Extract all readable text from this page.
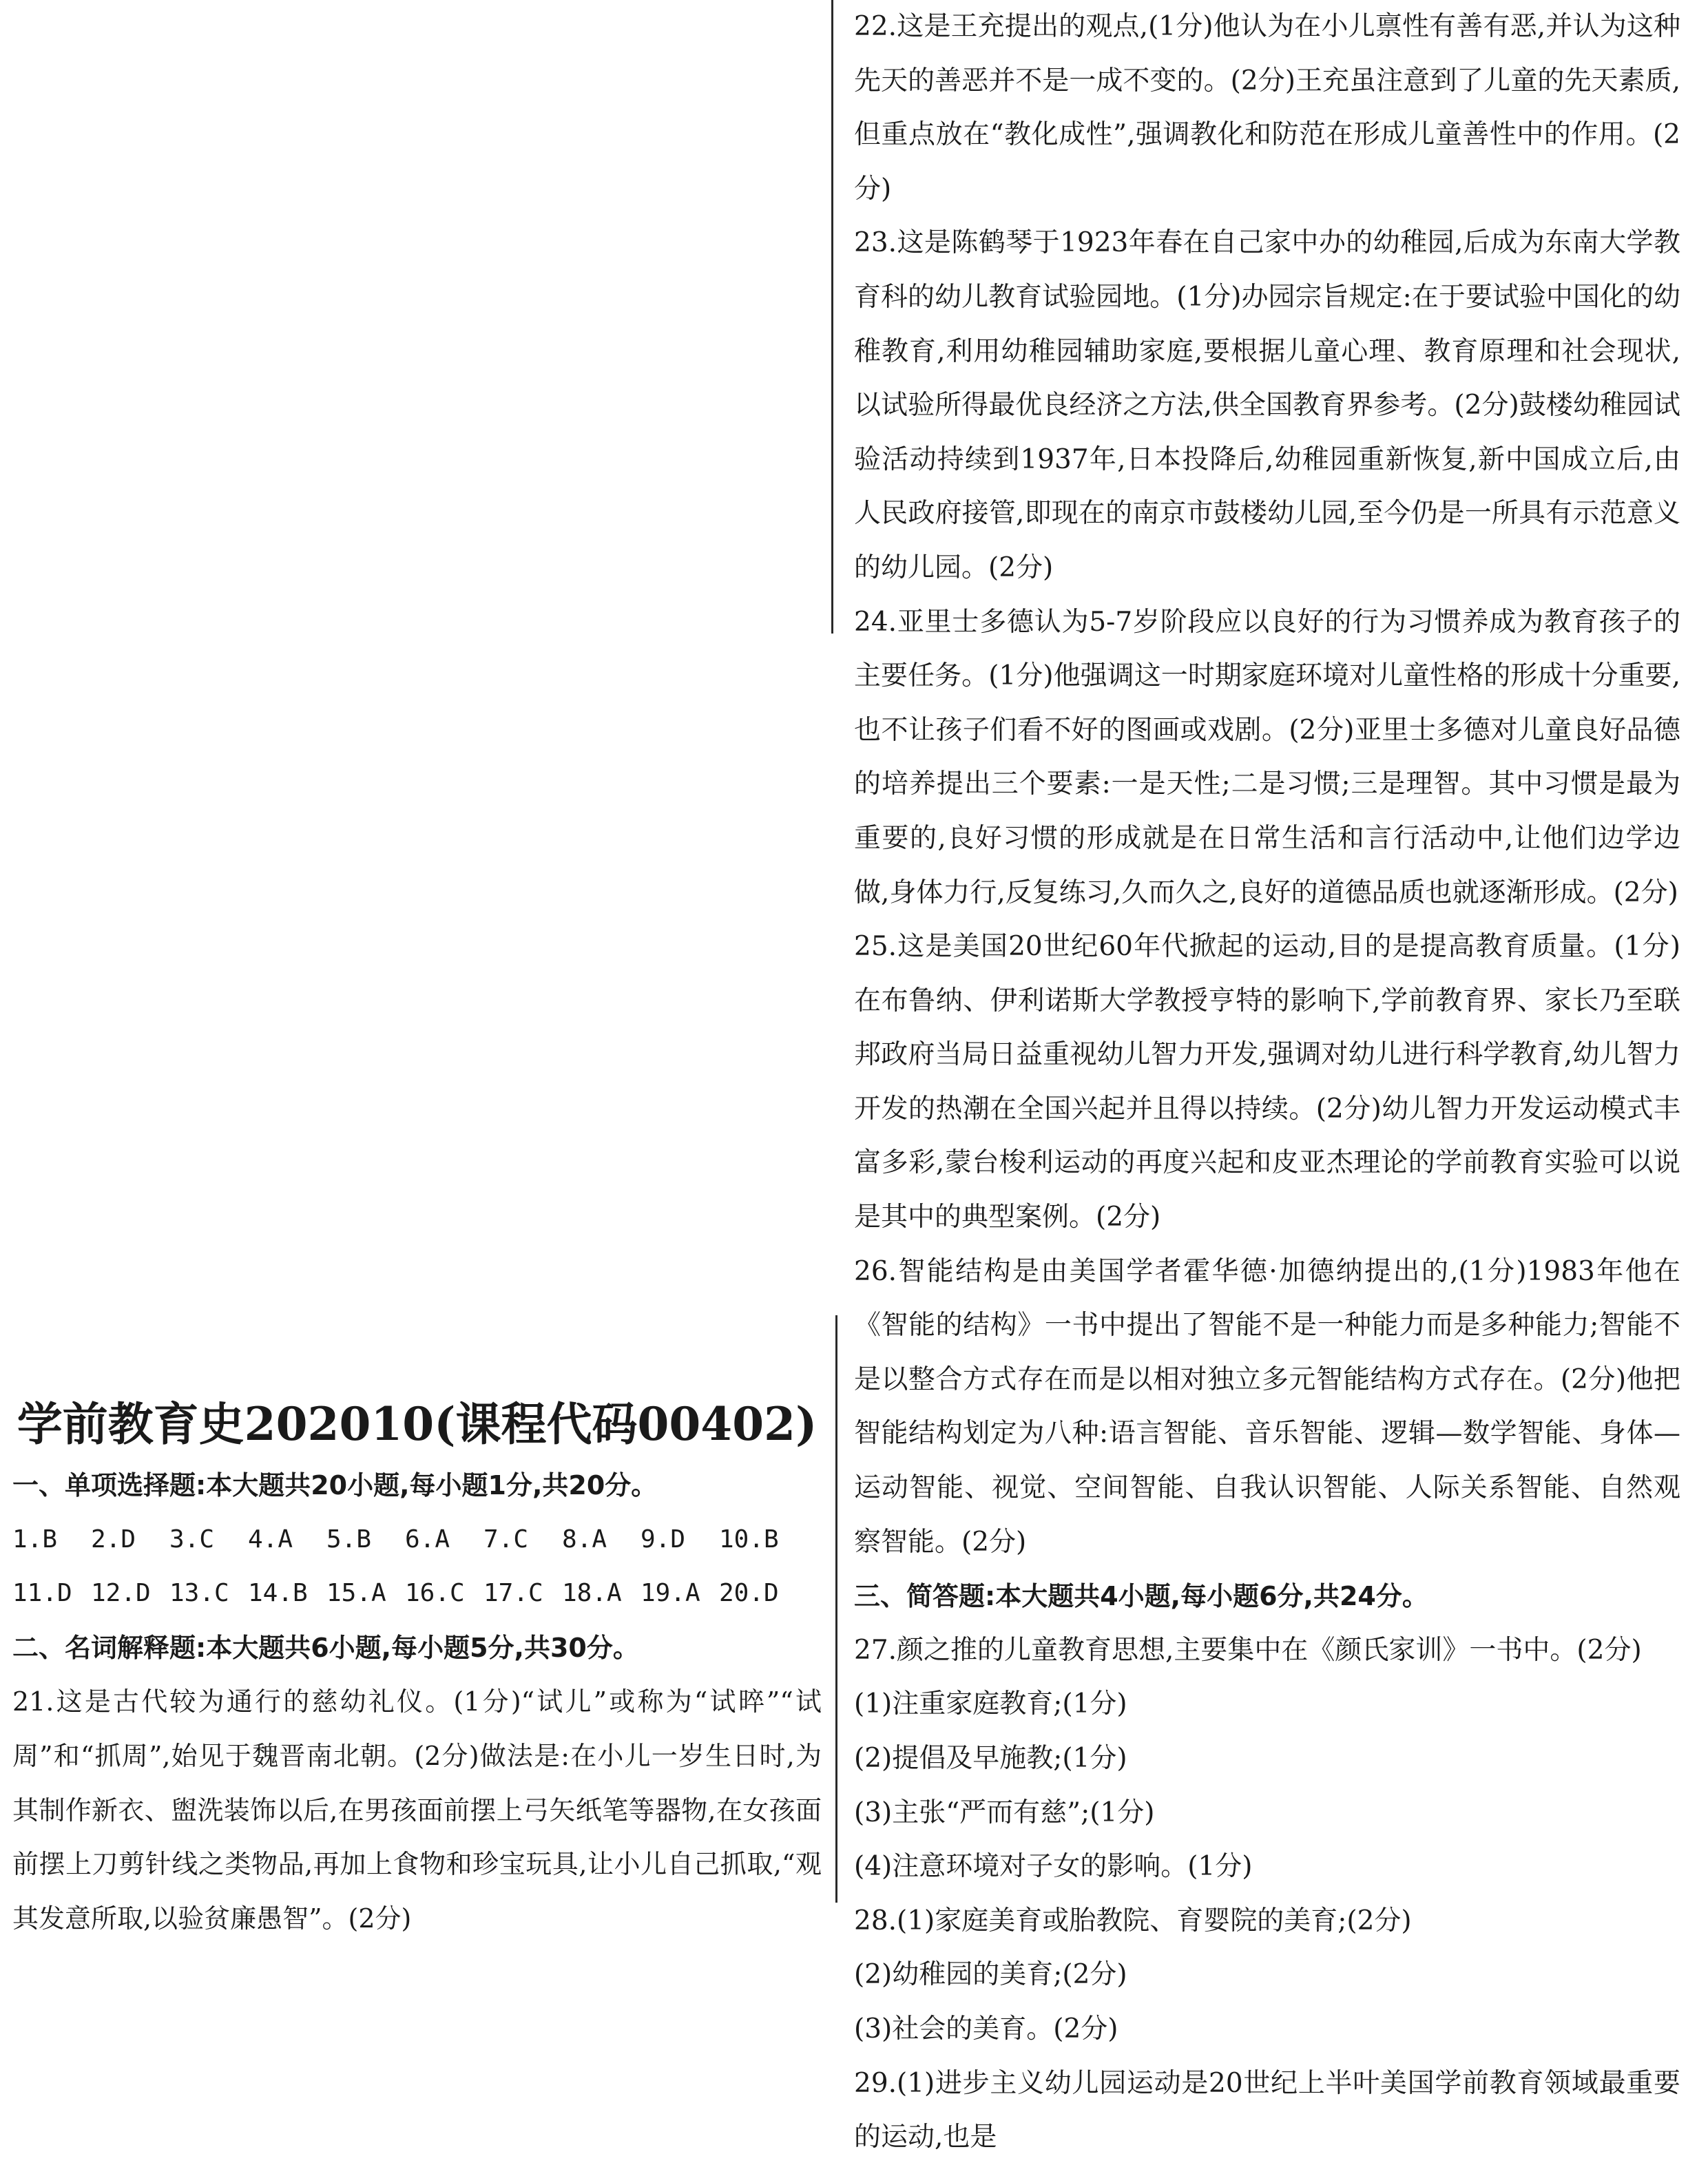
22.这是王充提出的观点,(1分)他认为在小儿禀性有善有恶,并认为这种先天的善恶并不是一成不变的。(2分)王充虽注意到了儿童的先天素质,但重点放在“教化成性”,强调教化和防范在形成儿童善性中的作用。(2分)

23.这是陈鹤琴于1923年春在自己家中办的幼稚园,后成为东南大学教育科的幼儿教育试验园地。(1分)办园宗旨规定:在于要试验中国化的幼稚教育,利用幼稚园辅助家庭,要根据儿童心理、教育原理和社会现状,以试验所得最优良经济之方法,供全国教育界参考。(2分)鼓楼幼稚园试验活动持续到1937年,日本投降后,幼稚园重新恢复,新中国成立后,由人民政府接管,即现在的南京市鼓楼幼儿园,至今仍是一所具有示范意义的幼儿园。(2分)

24.亚里士多德认为5-7岁阶段应以良好的行为习惯养成为教育孩子的主要任务。(1分)他强调这一时期家庭环境对儿童性格的形成十分重要,也不让孩子们看不好的图画或戏剧。(2分)亚里士多德对儿童良好品德的培养提出三个要素:一是天性;二是习惯;三是理智。其中习惯是最为重要的,良好习惯的形成就是在日常生活和言行活动中,让他们边学边做,身体力行,反复练习,久而久之,良好的道德品质也就逐渐形成。(2分)

25.这是美国20世纪60年代掀起的运动,目的是提高教育质量。(1分)在布鲁纳、伊利诺斯大学教授亨特的影响下,学前教育界、家长乃至联邦政府当局日益重视幼儿智力开发,强调对幼儿进行科学教育,幼儿智力开发的热潮在全国兴起并且得以持续。(2分)幼儿智力开发运动模式丰富多彩,蒙台梭利运动的再度兴起和皮亚杰理论的学前教育实验可以说是其中的典型案例。(2分)

26.智能结构是由美国学者霍华德·加德纳提出的,(1分)1983年他在《智能的结构》一书中提出了智能不是一种能力而是多种能力;智能不是以整合方式存在而是以相对独立多元智能结构方式存在。(2分)他把智能结构划定为八种:语言智能、音乐智能、逻辑—数学智能、身体—运动智能、视觉、空间智能、自我认识智能、人际关系智能、自然观察智能。(2分)

三、简答题:本大题共4小题,每小题6分,共24分。

27.颜之推的儿童教育思想,主要集中在《颜氏家训》一书中。(2分)

(1)注重家庭教育;(1分)

(2)提倡及早施教;(1分)

(3)主张“严而有慈”;(1分)

(4)注意环境对子女的影响。(1分)

28.(1)家庭美育或胎教院、育婴院的美育;(2分)

(2)幼稚园的美育;(2分)

(3)社会的美育。(2分)

29.(1)进步主义幼儿园运动是20世纪上半叶美国学前教育领域最重要的运动,也是

学前教育史202010(课程代码00402)

一、单项选择题:本大题共20小题,每小题1分,共20分。

1.B	2.D	3.C	4.A	5.B	6.A	7.C	8.A	9.D	10.B
11.D 12.D 13.C 14.B 15.A 16.C 17.C 18.A 19.A 20.D

二、名词解释题:本大题共6小题,每小题5分,共30分。

21.这是古代较为通行的慈幼礼仪。(1分)“试儿”或称为“试晬”“试周”和“抓周”,始见于魏晋南北朝。(2分)做法是:在小儿一岁生日时,为其制作新衣、盥洗装饰以后,在男孩面前摆上弓矢纸笔等器物,在女孩面前摆上刀剪针线之类物品,再加上食物和珍宝玩具,让小儿自己抓取,“观其发意所取,以验贫廉愚智”。(2分)
